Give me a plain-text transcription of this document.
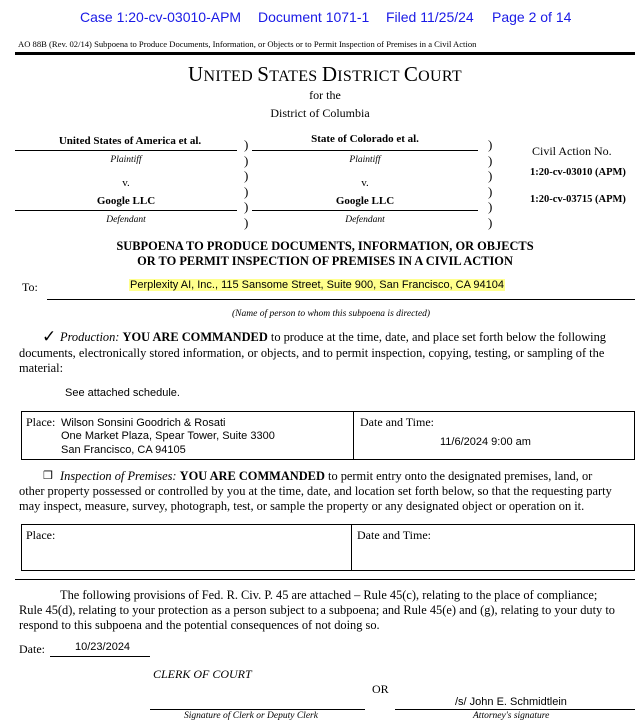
Case 1:20-cv-03010-APM Document 1071-1 Filed 11/25/24 Page 2 of 14
AO 88B (Rev. 02/14) Subpoena to Produce Documents, Information, or Objects or to Permit Inspection of Premises in a Civil Action
UNITED STATES DISTRICT COURT
for the
District of Columbia
United States of America et al.
Plaintiff
v.
Google LLC
Defendant
)
)
)
)
)
)
State of Colorado et al.
Plaintiff
v.
Google LLC
Defendant
)
)
)
)
)
)
Civil Action No.
1:20-cv-03010 (APM)
1:20-cv-03715 (APM)
SUBPOENA TO PRODUCE DOCUMENTS, INFORMATION, OR OBJECTS
OR TO PERMIT INSPECTION OF PREMISES IN A CIVIL ACTION
To:	Perplexity AI, Inc., 115 Sansome Street, Suite 900, San Francisco, CA 94104
(Name of person to whom this subpoena is directed)
✓ Production: YOU ARE COMMANDED to produce at the time, date, and place set forth below the following
documents, electronically stored information, or objects, and to permit inspection, copying, testing, or sampling of the material:
See attached schedule.
Place: Wilson Sonsini Goodrich & Rosati
One Market Plaza, Spear Tower, Suite 3300
San Francisco, CA 94105
Date and Time:
11/6/2024 9:00 am
❒ Inspection of Premises: YOU ARE COMMANDED to permit entry onto the designated premises, land, or
other property possessed or controlled by you at the time, date, and location set forth below, so that the requesting party may inspect, measure, survey, photograph, test, or sample the property or any designated object or operation on it.
Place:	Date and Time:
The following provisions of Fed. R. Civ. P. 45 are attached – Rule 45(c), relating to the place of compliance;
Rule 45(d), relating to your protection as a person subject to a subpoena; and Rule 45(e) and (g), relating to your duty to respond to this subpoena and the potential consequences of not doing so.
Date:	10/23/2024
CLERK OF COURT
OR
/s/ John E. Schmidtlein
Signature of Clerk or Deputy Clerk	Attorney's signature
